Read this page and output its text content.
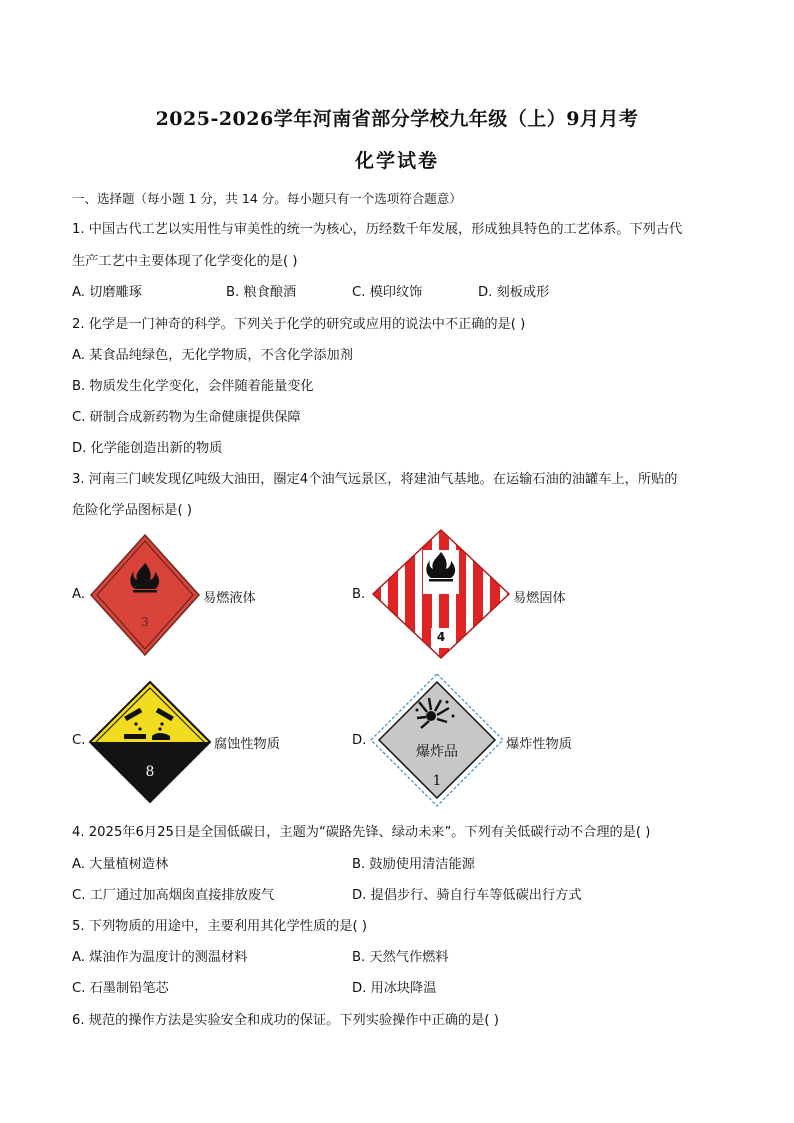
2025-2026学年河南省部分学校九年级（上）9月月考
化学试卷
一、选择题（每小题 1 分，共 14 分。每小题只有一个选项符合题意）
1. 中国古代工艺以实用性与审美性的统一为核心，历经数千年发展，形成独具特色的工艺体系。下列古代
生产工艺中主要体现了化学变化的是( )
A. 切磨雕琢	B. 粮食酿酒	C. 模印纹饰	D. 刻板成形
2. 化学是一门神奇的科学。下列关于化学的研究或应用的说法中不正确的是( )
A. 某食品纯绿色，无化学物质，不含化学添加剂
B. 物质发生化学变化，会伴随着能量变化
C. 研制合成新药物为生命健康提供保障
D. 化学能创造出新的物质
3. 河南三门峡发现亿吨级大油田，圈定4个油气远景区，将建油气基地。在运输石油的油罐车上，所贴的
危险化学品图标是( )
A.
3
易燃液体	B.
4
易燃固体
C.
8
腐蚀性物质	D.
爆炸品
1
爆炸性物质
4. 2025年6月25日是全国低碳日，主题为“碳路先锋、绿动未来”。下列有关低碳行动不合理的是( )
A. 大量植树造林	B. 鼓励使用清洁能源
C. 工厂通过加高烟囱直接排放废气	D. 提倡步行、骑自行车等低碳出行方式
5. 下列物质的用途中，主要利用其化学性质的是( )
A. 煤油作为温度计的测温材料	B. 天然气作燃料
C. 石墨制铅笔芯	D. 用冰块降温
6. 规范的操作方法是实验安全和成功的保证。下列实验操作中正确的是( )
